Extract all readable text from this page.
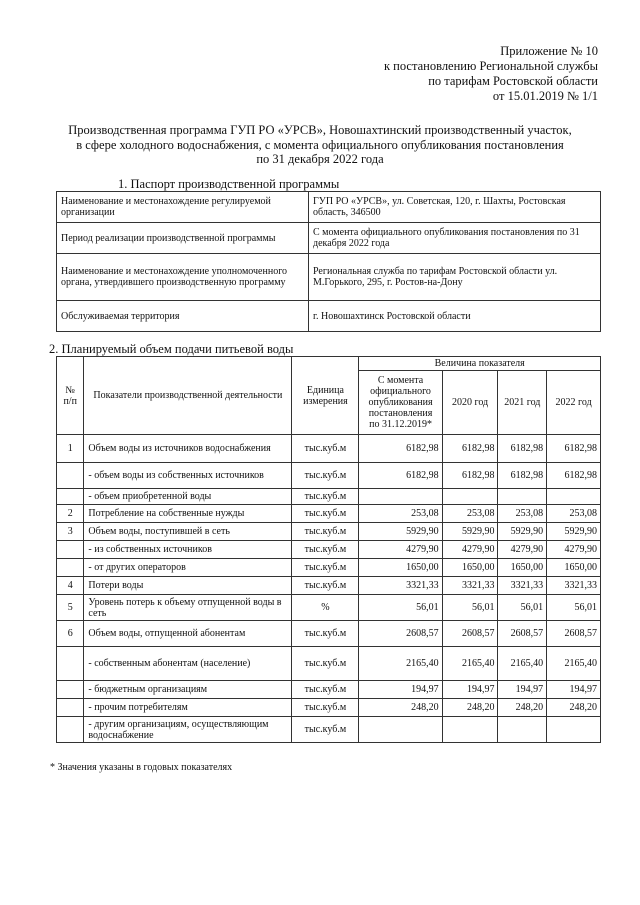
Приложение № 10
к постановлению Региональной службы
по тарифам Ростовской области
от 15.01.2019 № 1/1
Производственная программа ГУП РО «УРСВ», Новошахтинский производственный участок,
в сфере холодного водоснабжения, с момента официального опубликования постановления
по 31 декабря 2022 года
1. Паспорт производственной программы
Наименование и местонахождение регулируемой организации	ГУП РО «УРСВ», ул. Советская, 120, г. Шахты, Ростовская область, 346500
Период реализации производственной программы	С момента официального опубликования постановления по 31 декабря 2022 года
Наименование и местонахождение уполномоченного органа, утвердившего производственную программу	Региональная служба по тарифам Ростовской области ул. М.Горького, 295, г. Ростов-на-Дону
Обслуживаемая территория	г. Новошахтинск Ростовской области
2. Планируемый объем подачи питьевой воды
№ п/п	Показатели производственной деятельности	Единица измерения	Величина показателя			
			С момента официального опубликования постановления по 31.12.2019*	2020 год	2021 год	2022 год
1	Объем воды из источников водоснабжения	тыс.куб.м	6182,98	6182,98	6182,98	6182,98
	- объем воды из собственных источников	тыс.куб.м	6182,98	6182,98	6182,98	6182,98
	- объем приобретенной воды	тыс.куб.м				
2	Потребление на собственные нужды	тыс.куб.м	253,08	253,08	253,08	253,08
3	Объем воды, поступившей в сеть	тыс.куб.м	5929,90	5929,90	5929,90	5929,90
	- из собственных источников	тыс.куб.м	4279,90	4279,90	4279,90	4279,90
	- от других операторов	тыс.куб.м	1650,00	1650,00	1650,00	1650,00
4	Потери воды	тыс.куб.м	3321,33	3321,33	3321,33	3321,33
5	Уровень потерь к объему отпущенной воды в сеть	%	56,01	56,01	56,01	56,01
6	Объем воды, отпущенной абонентам	тыс.куб.м	2608,57	2608,57	2608,57	2608,57
	- собственным абонентам (население)	тыс.куб.м	2165,40	2165,40	2165,40	2165,40
	- бюджетным организациям	тыс.куб.м	194,97	194,97	194,97	194,97
	- прочим потребителям	тыс.куб.м	248,20	248,20	248,20	248,20
	- другим организациям, осуществляющим водоснабжение	тыс.куб.м				
* Значения указаны в годовых показателях
